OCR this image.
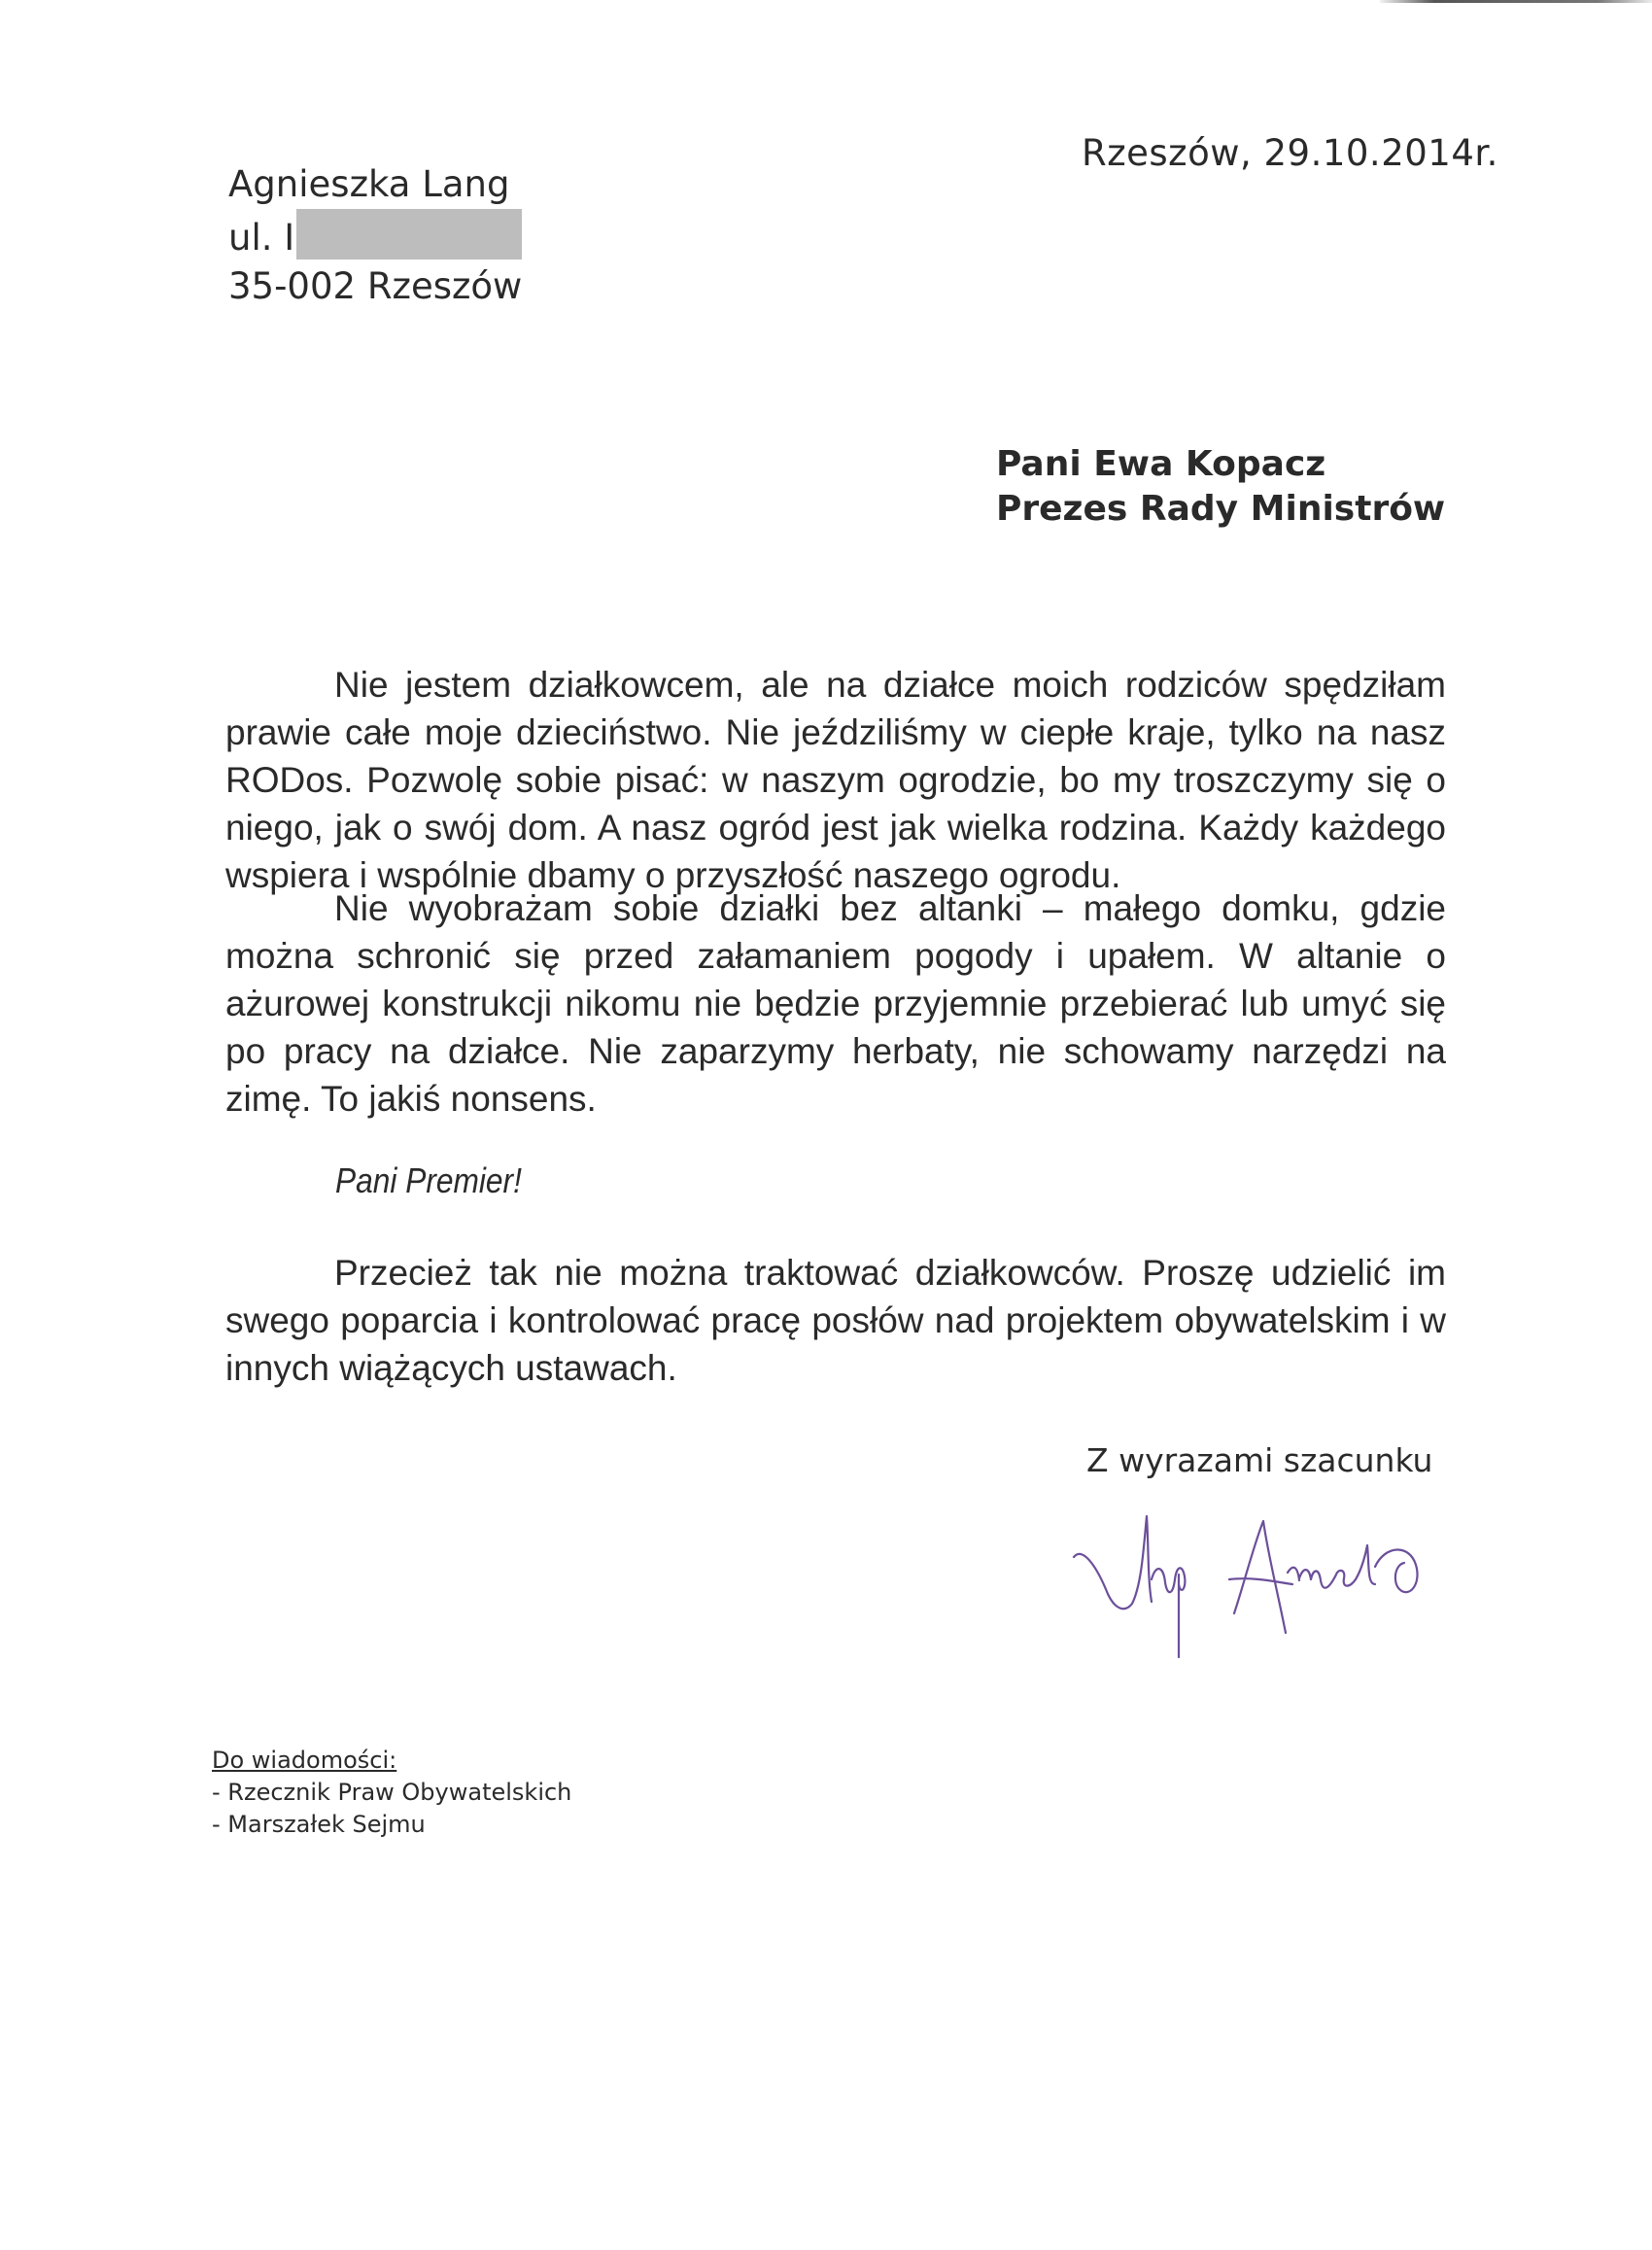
Rzeszów, 29.10.2014r.
Agnieszka Lang
ul. I
35-002 Rzeszów
Pani Ewa Kopacz
Prezes Rady Ministrów

Nie jestem działkowcem, ale na działce moich rodziców spędziłam prawie całe moje dzieciństwo. Nie jeździliśmy w ciepłe kraje, tylko na nasz RODos. Pozwolę sobie pisać: w naszym ogrodzie, bo my troszczymy się o niego, jak o swój dom. A nasz ogród jest jak wielka rodzina. Każdy każdego wspiera i wspólnie dbamy o przyszłość naszego ogrodu.

Nie wyobrażam sobie działki bez altanki – małego domku, gdzie można schronić się przed załamaniem pogody i upałem. W altanie o ażurowej konstrukcji nikomu nie będzie przyjemnie przebierać lub umyć się po pracy na działce. Nie zaparzymy herbaty, nie schowamy narzędzi na zimę. To jakiś nonsens.

Pani Premier!

Przecież tak nie można traktować działkowców. Proszę udzielić im swego poparcia i kontrolować pracę posłów nad projektem obywatelskim i w innych wiążących ustawach.

Z wyrazami szacunku
Do wiadomości:
- Rzecznik Praw Obywatelskich
- Marszałek Sejmu
